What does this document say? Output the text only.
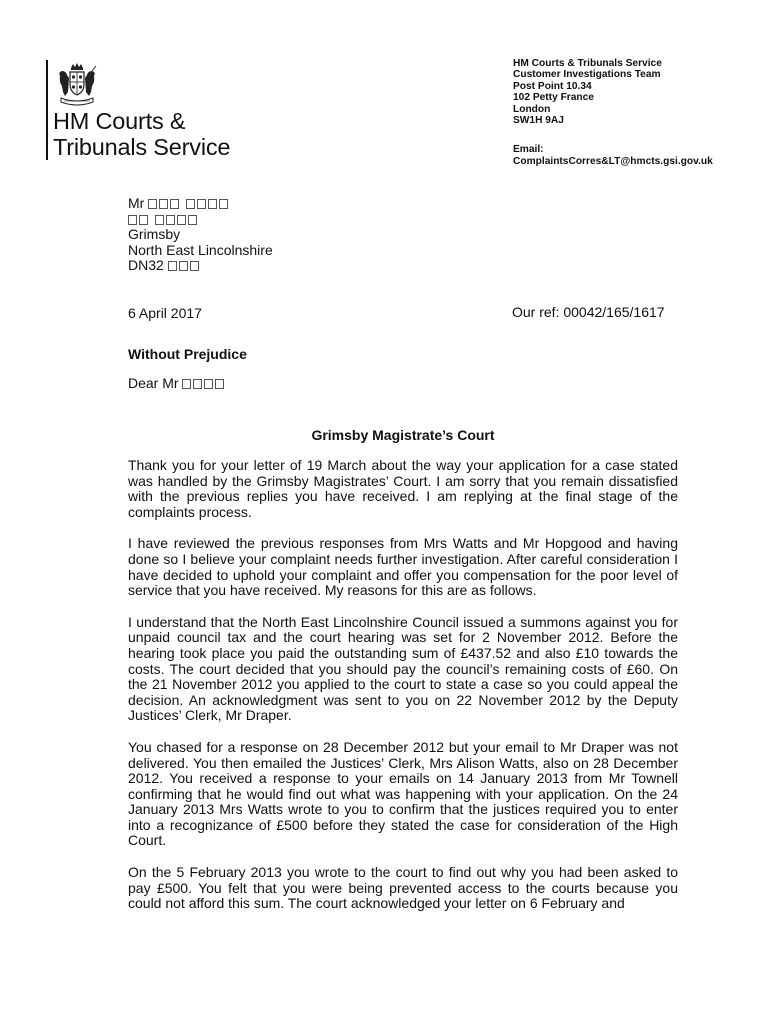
HM Courts &
Tribunals Service
HM Courts & Tribunals Service
Customer Investigations Team
Post Point 10.34
102 Petty France
London
SW1H 9AJ
Email:
ComplaintsCorres&LT@hmcts.gsi.gov.uk
Mr
Grimsby
North East Lincolnshire
DN32
6 April 2017	Our ref: 00042/165/1617
Without Prejudice
Dear Mr
Grimsby Magistrate’s Court

Thank you for your letter of 19 March about the way your application for a case stated was handled by the Grimsby Magistrates’ Court. I am sorry that you remain dissatisfied with the previous replies you have received. I am replying at the final stage of the complaints process.

I have reviewed the previous responses from Mrs Watts and Mr Hopgood and having done so I believe your complaint needs further investigation. After careful consideration I have decided to uphold your complaint and offer you compensation for the poor level of service that you have received. My reasons for this are as follows.

I understand that the North East Lincolnshire Council issued a summons against you for unpaid council tax and the court hearing was set for 2 November 2012. Before the hearing took place you paid the outstanding sum of £437.52 and also £10 towards the costs. The court decided that you should pay the council’s remaining costs of £60. On the 21 November 2012 you applied to the court to state a case so you could appeal the decision. An acknowledgment was sent to you on 22 November 2012 by the Deputy Justices’ Clerk, Mr Draper.

You chased for a response on 28 December 2012 but your email to Mr Draper was not delivered. You then emailed the Justices’ Clerk, Mrs Alison Watts, also on 28 December 2012. You received a response to your emails on 14 January 2013 from Mr Townell confirming that he would find out what was happening with your application. On the 24 January 2013 Mrs Watts wrote to you to confirm that the justices required you to enter into a recognizance of £500 before they stated the case for consideration of the High Court.

On the 5 February 2013 you wrote to the court to find out why you had been asked to pay £500. You felt that you were being prevented access to the courts because you could not afford this sum. The court acknowledged your letter on 6 February and
